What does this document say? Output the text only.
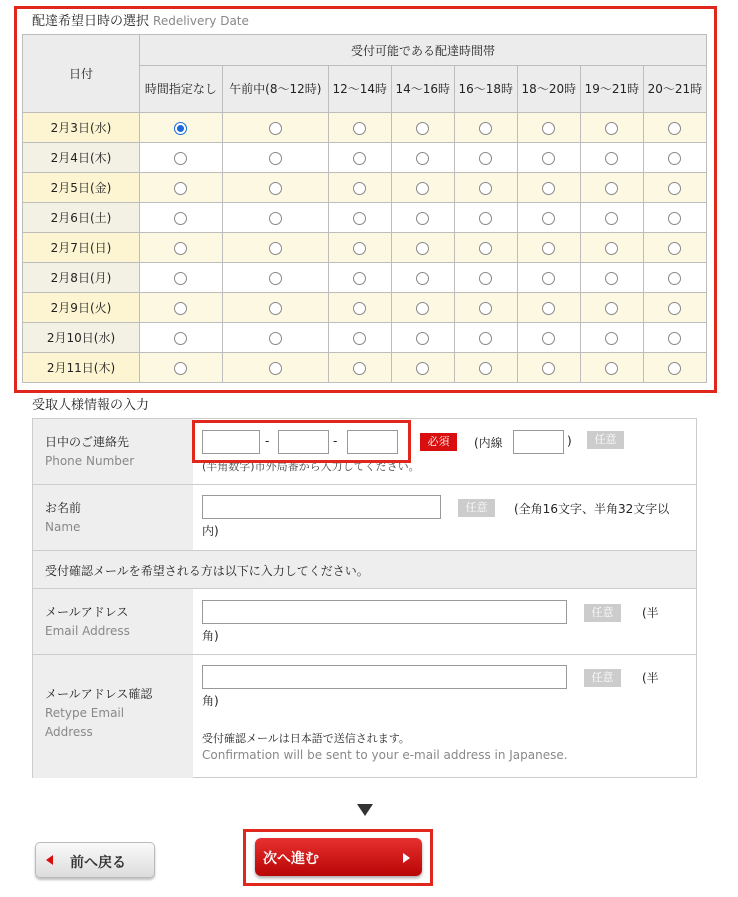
配達希望日時の選択 Redelivery Date
日付	受付可能である配達時間帯							
	時間指定なし	午前中(8〜12時)	12〜14時	14〜16時	16〜18時	18〜20時	19〜21時	20〜21時
2月3日(水)								
2月4日(木)								
2月5日(金)								
2月6日(土)								
2月7日(日)								
2月8日(月)								
2月9日(火)								
2月10日(水)								
2月11日(木)								
受取人様情報の入力
日中のご連絡先
Phone Number
-	-	必須	(内線	)	任意
(半角数字)市外局番から入力してください。
お名前
Name
任意	(全角16文字、半角32文字以
内)
受付確認メールを希望される方は以下に入力してください。
メールアドレス
Email Address
任意	(半
角)
メールアドレス確認
Retype Email
Address
任意	(半
角)
受付確認メールは日本語で送信されます。
Confirmation will be sent to your e-mail address in Japanese.
前へ戻る	次へ進む
